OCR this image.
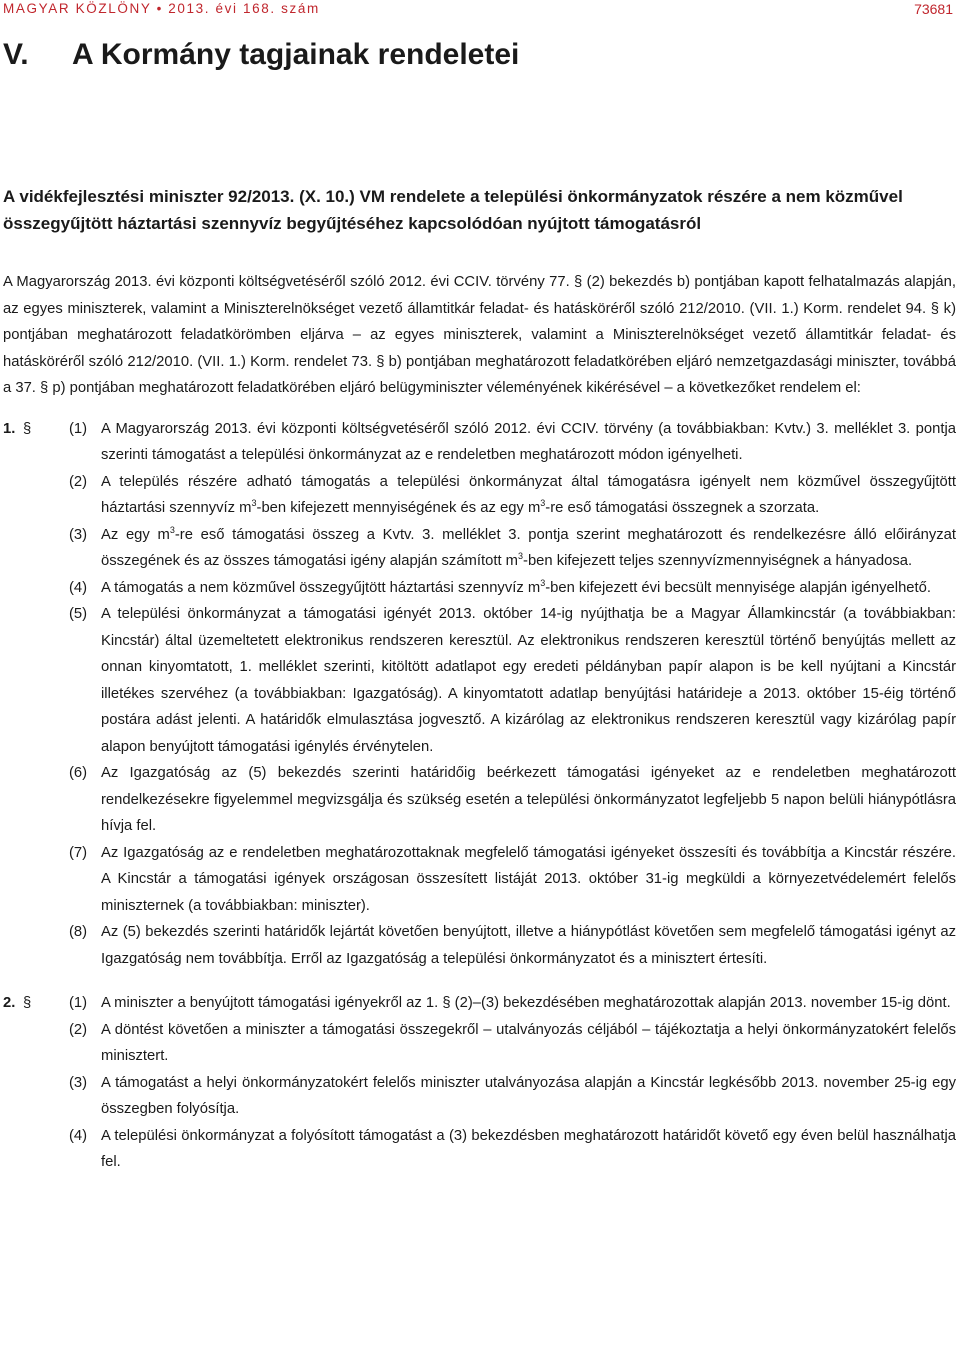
MAGYAR KÖZLÖNY • 2013. évi 168. szám	73681
V.	A Kormány tagjainak rendeletei
A vidékfejlesztési miniszter 92/2013. (X. 10.) VM rendelete a települési önkormányzatok részére a nem közművel összegyűjtött háztartási szennyvíz begyűjtéséhez kapcsolódóan nyújtott támogatásról
A Magyarország 2013. évi központi költségvetéséről szóló 2012. évi CCIV. törvény 77. § (2) bekezdés b) pontjában kapott felhatalmazás alapján, az egyes miniszterek, valamint a Miniszterelnökséget vezető államtitkár feladat- és hatásköréről szóló 212/2010. (VII. 1.) Korm. rendelet 94. § k) pontjában meghatározott feladatkörömben eljárva – az egyes miniszterek, valamint a Miniszterelnökséget vezető államtitkár feladat- és hatásköréről szóló 212/2010. (VII. 1.) Korm. rendelet 73. § b) pontjában meghatározott feladatkörében eljáró nemzetgazdasági miniszter, továbbá a 37. § p) pontjában meghatározott feladatkörében eljáró belügyminiszter véleményének kikérésével – a következőket rendelem el:
1. §	(1) A Magyarország 2013. évi központi költségvetéséről szóló 2012. évi CCIV. törvény (a továbbiakban: Kvtv.) 3. melléklet 3. pontja szerinti támogatást a települési önkormányzat az e rendeletben meghatározott módon igényelheti.
(2) A település részére adható támogatás a települési önkormányzat által támogatásra igényelt nem közművel összegyűjtött háztartási szennyvíz $m^3$-ben kifejezett mennyiségének és az egy $m^3-re$ eső támogatási összegnek a szorzata.
(3) Az egy $m^3-re$ eső támogatási összeg a Kvtv. 3. melléklet 3. pontja szerint meghatározott és rendelkezésre álló előirányzat összegének és az összes támogatási igény alapján számított $m^3$-ben kifejezett teljes szennyvízmennyiségnek a hányadosa.
(4) A támogatás a nem közművel összegyűjtött háztartási szennyvíz $m^3$-ben kifejezett évi becsült mennyisége alapján igényelhető.
(5) A települési önkormányzat a támogatási igényét 2013. október 14-ig nyújthatja be a Magyar Államkincstár (a továbbiakban: Kincstár) által üzemeltetett elektronikus rendszeren keresztül. Az elektronikus rendszeren keresztül történő benyújtás mellett az onnan kinyomtatott, 1. melléklet szerinti, kitöltött adatlapot egy eredeti példányban papír alapon is be kell nyújtani a Kincstár illetékes szervéhez (a továbbiakban: Igazgatóság). A kinyomtatott adatlap benyújtási határideje a 2013. október 15-éig történő postára adást jelenti. A határidők elmulasztása jogvesztő. A kizárólag az elektronikus rendszeren keresztül vagy kizárólag papír alapon benyújtott támogatási igénylés érvénytelen.
(6) Az Igazgatóság az (5) bekezdés szerinti határidőig beérkezett támogatási igényeket az e rendeletben meghatározott rendelkezésekre figyelemmel megvizsgálja és szükség esetén a települési önkormányzatot legfeljebb 5 napon belüli hiánypótlásra hívja fel.
(7) Az Igazgatóság az e rendeletben meghatározottaknak megfelelő támogatási igényeket összesíti és továbbítja a Kincstár részére. A Kincstár a támogatási igények országosan összesített listáját 2013. október 31-ig megküldi a környezetvédelemért felelős miniszternek (a továbbiakban: miniszter).
(8) Az (5) bekezdés szerinti határidők lejártát követően benyújtott, illetve a hiánypótlást követően sem megfelelő támogatási igényt az Igazgatóság nem továbbítja. Erről az Igazgatóság a települési önkormányzatot és a minisztert értesíti.
2. §	(1) A miniszter a benyújtott támogatási igényekről az 1. § (2)–(3) bekezdésében meghatározottak alapján 2013. november 15-ig dönt.
(2) A döntést követően a miniszter a támogatási összegekről – utalványozás céljából – tájékoztatja a helyi önkormányzatokért felelős minisztert.
(3) A támogatást a helyi önkormányzatokért felelős miniszter utalványozása alapján a Kincstár legkésőbb 2013. november 25-ig egy összegben folyósítja.
(4) A települési önkormányzat a folyósított támogatást a (3) bekezdésben meghatározott határidőt követő egy éven belül használhatja fel.
